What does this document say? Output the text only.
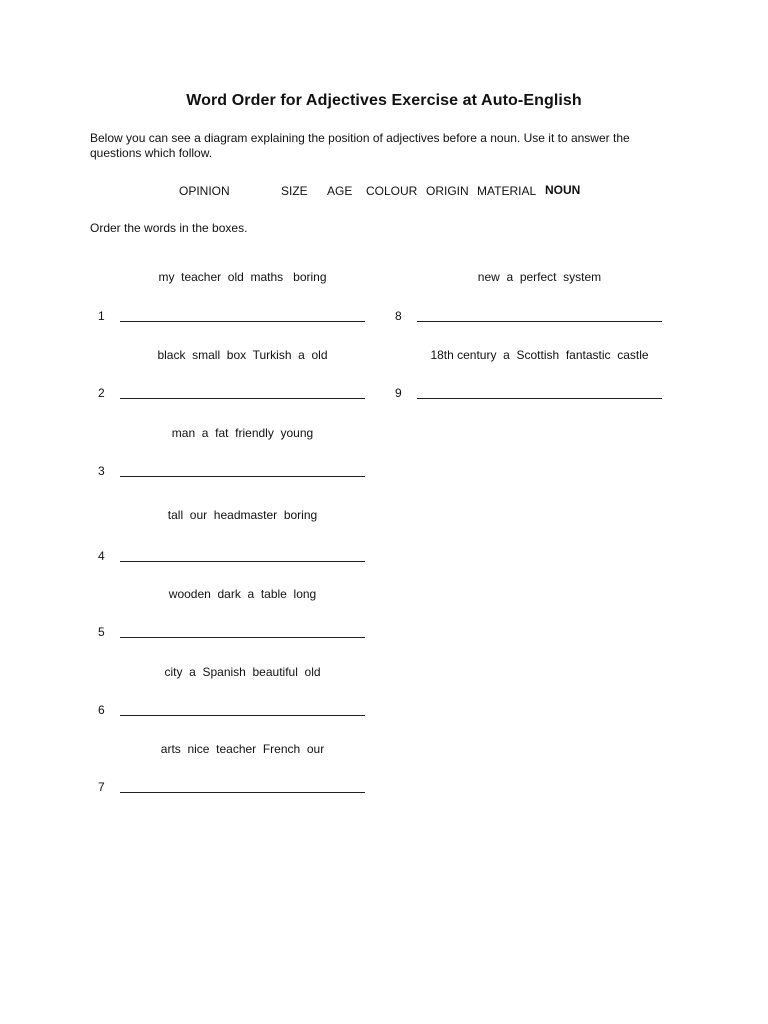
Word Order for Adjectives Exercise at Auto-English
Below you can see a diagram explaining the position of adjectives before a noun. Use it to answer the questions which follow.
OPINION	SIZE AGE COLOUR ORIGIN MATERIAL NOUN
Order the words in the boxes.
my  teacher  old  maths   boring
1
black  small  box  Turkish  a  old
2
man  a  fat  friendly  young
3
tall  our  headmaster  boring
4
wooden  dark  a  table  long
5
city  a  Spanish  beautiful  old
6
arts  nice  teacher  French  our
7
new  a  perfect  system
8
18th century  a  Scottish  fantastic  castle
9
